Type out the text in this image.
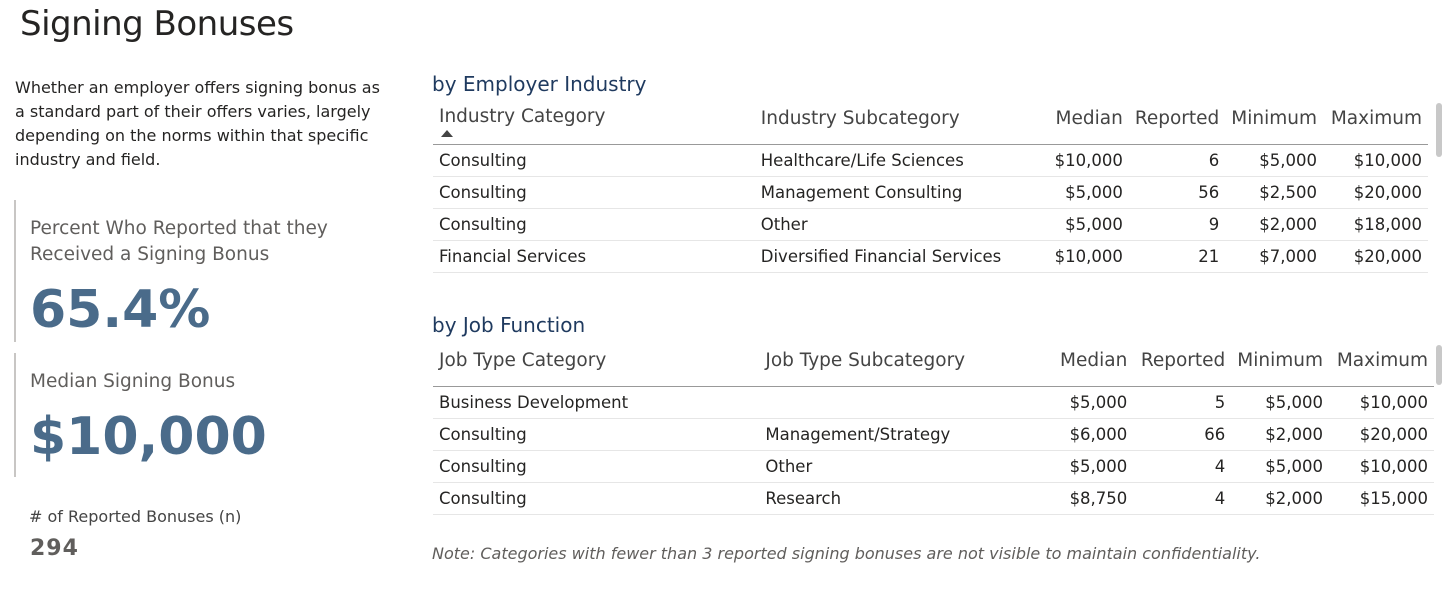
Signing Bonuses
Whether an employer offers signing bonus as a standard part of their offers varies, largely depending on the norms within that specific industry and field.
Percent Who Reported that they Received a Signing Bonus
65.4%
Median Signing Bonus
$10,000
# of Reported Bonuses (n)
294
by Employer Industry
Industry Category	Industry Subcategory	Median	Reported	Minimum	Maximum
Consulting	Healthcare/Life Sciences	$10,000	6	$5,000	$10,000
Consulting	Management Consulting	$5,000	56	$2,500	$20,000
Consulting	Other	$5,000	9	$2,000	$18,000
Financial Services	Diversified Financial Services	$10,000	21	$7,000	$20,000
by Job Function
Job Type Category	Job Type Subcategory	Median	Reported	Minimum	Maximum
Business Development		$5,000	5	$5,000	$10,000
Consulting	Management/Strategy	$6,000	66	$2,000	$20,000
Consulting	Other	$5,000	4	$5,000	$10,000
Consulting	Research	$8,750	4	$2,000	$15,000
Note: Categories with fewer than 3 reported signing bonuses are not visible to maintain confidentiality.
